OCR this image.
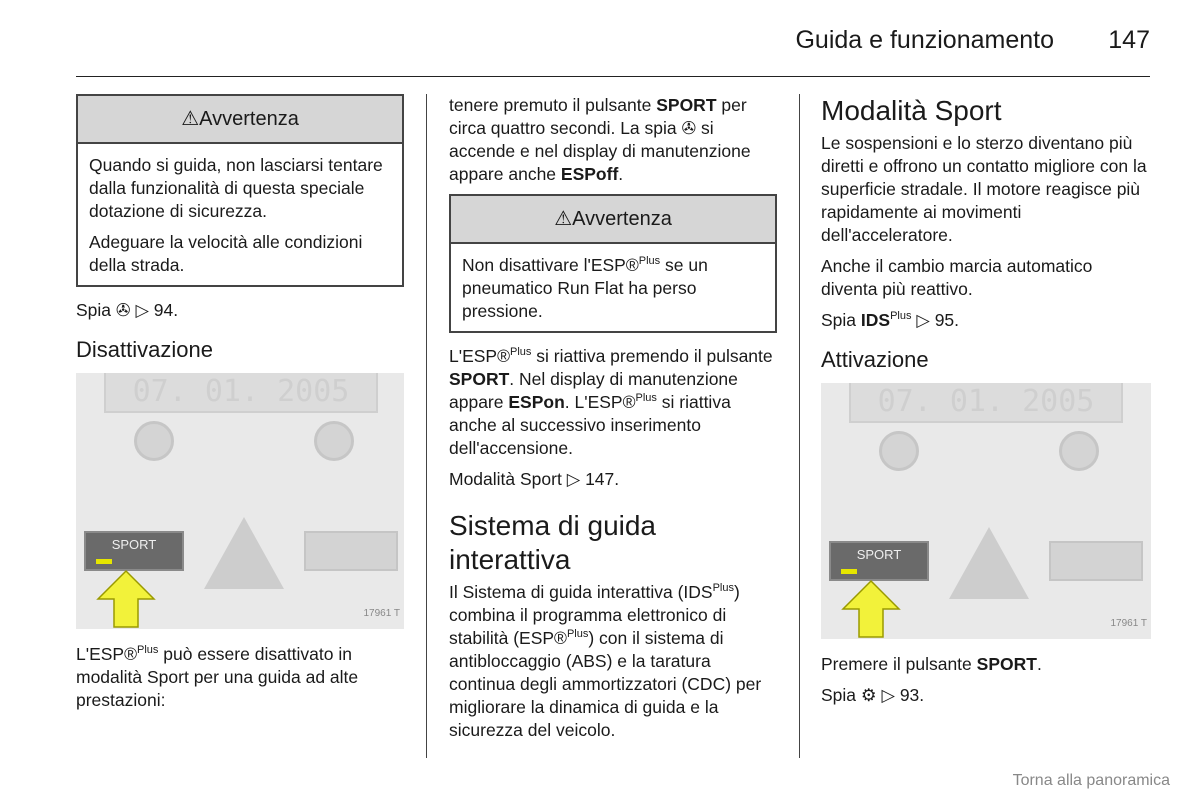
Guida e funzionamento 147
⚠Avvertenza

Quando si guida, non lasciarsi tentare dalla funzionalità di questa speciale dotazione di sicurezza.

Adeguare la velocità alle condizioni della strada.

Spia ✇ ▷ 94.

Disattivazione
07. 01. 2005
SPORT
17961 T

L'ESP®$^{Plus}$ può essere disattivato in modalità Sport per una guida ad alte prestazioni:

tenere premuto il pulsante SPORT per circa quattro secondi. La spia ✇ si accende e nel display di manutenzione appare anche ESPoff.

⚠Avvertenza

Non disattivare l'ESP®$^{Plus}$ se un pneumatico Run Flat ha perso pressione.

L'ESP®$^{Plus}$ si riattiva premendo il pulsante SPORT. Nel display di manutenzione appare ESPon. L'ESP®$^{Plus}$ si riattiva anche al successivo inserimento dell'accensione.

Modalità Sport ▷ 147.

Sistema di guida interattiva

Il Sistema di guida interattiva $(IDS^{Plus})$ combina il programma elettronico di stabilità (ESP®$^{Plus}$) con il sistema di antibloccaggio (ABS) e la taratura continua degli ammortizzatori (CDC) per migliorare la dinamica di guida e la sicurezza del veicolo.

Modalità Sport

Le sospensioni e lo sterzo diventano più diretti e offrono un contatto migliore con la superficie stradale. Il motore reagisce più rapidamente ai movimenti dell'acceleratore.

Anche il cambio marcia automatico diventa più reattivo.

Spia $IDS^{Plus}$ ▷ 95.

Attivazione
07. 01. 2005
SPORT
17961 T

Premere il pulsante SPORT.

Spia ⚙ ▷ 93.

Torna alla panoramica
